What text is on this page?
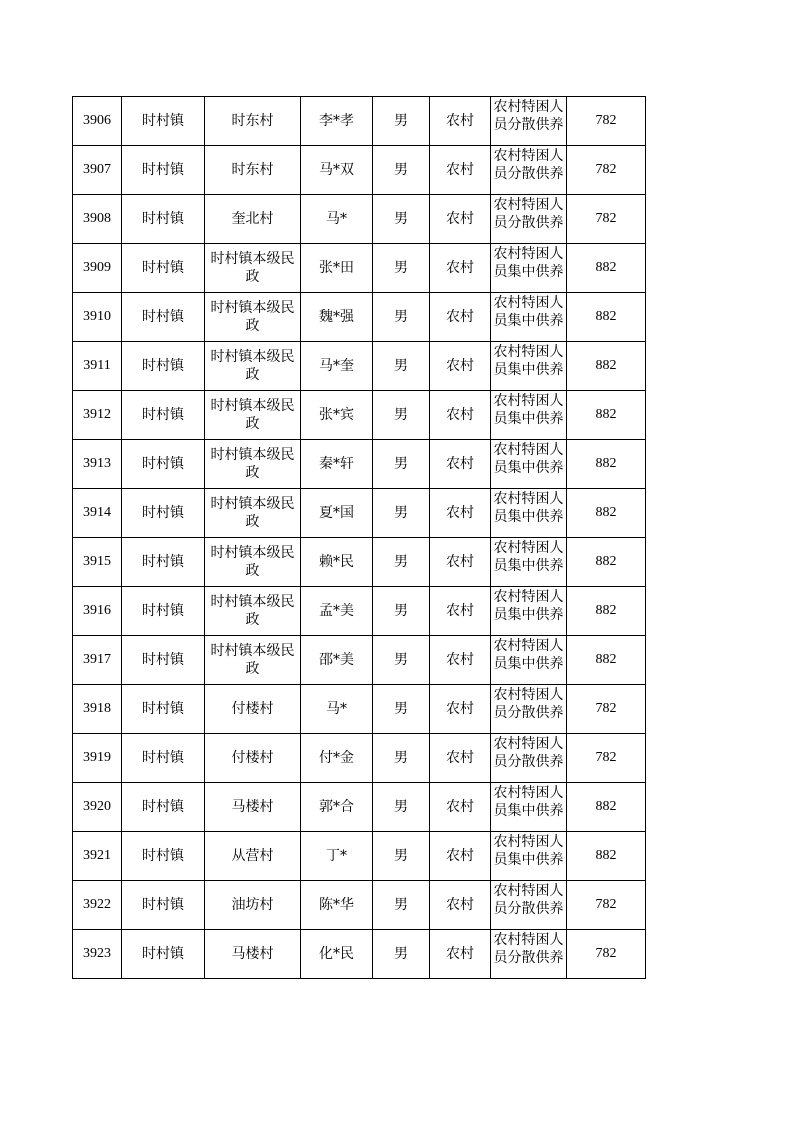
3906	时村镇	时东村	李*孝	男	农村	农村特困人员分散供养	782
3907	时村镇	时东村	马*双	男	农村	农村特困人员分散供养	782
3908	时村镇	奎北村	马*	男	农村	农村特困人员分散供养	782
3909	时村镇	时村镇本级民政	张*田	男	农村	农村特困人员集中供养	882
3910	时村镇	时村镇本级民政	魏*强	男	农村	农村特困人员集中供养	882
3911	时村镇	时村镇本级民政	马*奎	男	农村	农村特困人员集中供养	882
3912	时村镇	时村镇本级民政	张*宾	男	农村	农村特困人员集中供养	882
3913	时村镇	时村镇本级民政	秦*轩	男	农村	农村特困人员集中供养	882
3914	时村镇	时村镇本级民政	夏*国	男	农村	农村特困人员集中供养	882
3915	时村镇	时村镇本级民政	赖*民	男	农村	农村特困人员集中供养	882
3916	时村镇	时村镇本级民政	孟*美	男	农村	农村特困人员集中供养	882
3917	时村镇	时村镇本级民政	邵*美	男	农村	农村特困人员集中供养	882
3918	时村镇	付楼村	马*	男	农村	农村特困人员分散供养	782
3919	时村镇	付楼村	付*金	男	农村	农村特困人员分散供养	782
3920	时村镇	马楼村	郭*合	男	农村	农村特困人员集中供养	882
3921	时村镇	从营村	丁*	男	农村	农村特困人员集中供养	882
3922	时村镇	油坊村	陈*华	男	农村	农村特困人员分散供养	782
3923	时村镇	马楼村	化*民	男	农村	农村特困人员分散供养	782
